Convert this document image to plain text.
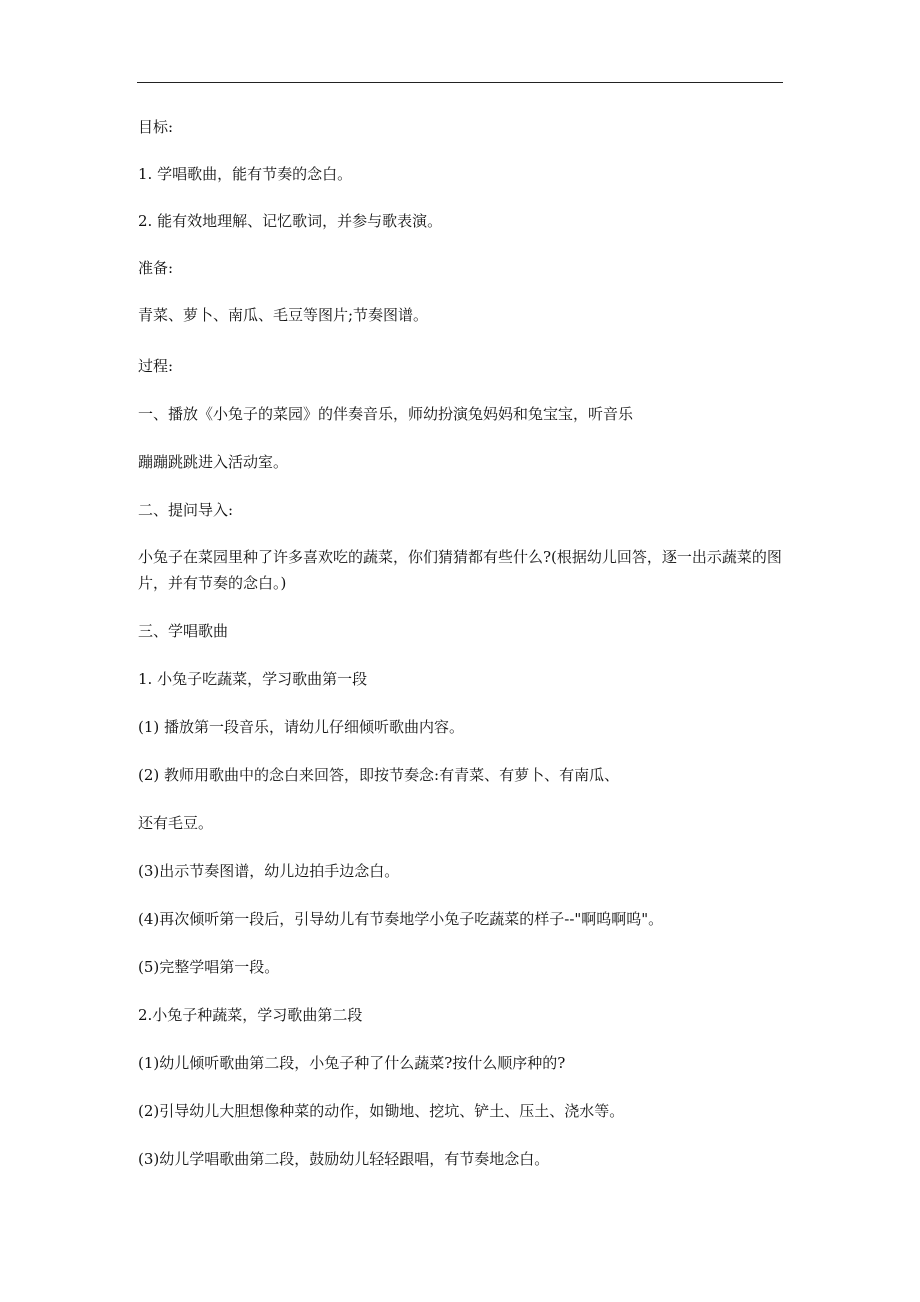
目标:
1. 学唱歌曲，能有节奏的念白。
2. 能有效地理解、记忆歌词，并参与歌表演。
准备:
青菜、萝卜、南瓜、毛豆等图片;节奏图谱。
过程:
一、播放《小兔子的菜园》的伴奏音乐，师幼扮演兔妈妈和兔宝宝，听音乐
蹦蹦跳跳进入活动室。
二、提问导入:
小兔子在菜园里种了许多喜欢吃的蔬菜，你们猜猜都有些什么?(根据幼儿回答，逐一出示蔬菜的图片，并有节奏的念白。)
三、学唱歌曲
1. 小兔子吃蔬菜，学习歌曲第一段
(1) 播放第一段音乐，请幼儿仔细倾听歌曲内容。
(2) 教师用歌曲中的念白来回答，即按节奏念:有青菜、有萝卜、有南瓜、
还有毛豆。
(3)出示节奏图谱，幼儿边拍手边念白。
(4)再次倾听第一段后，引导幼儿有节奏地学小兔子吃蔬菜的样子--"啊呜啊呜"。
(5)完整学唱第一段。
2.小兔子种蔬菜，学习歌曲第二段
(1)幼儿倾听歌曲第二段，小兔子种了什么蔬菜?按什么顺序种的?
(2)引导幼儿大胆想像种菜的动作，如锄地、挖坑、铲土、压土、浇水等。
(3)幼儿学唱歌曲第二段，鼓励幼儿轻轻跟唱，有节奏地念白。
